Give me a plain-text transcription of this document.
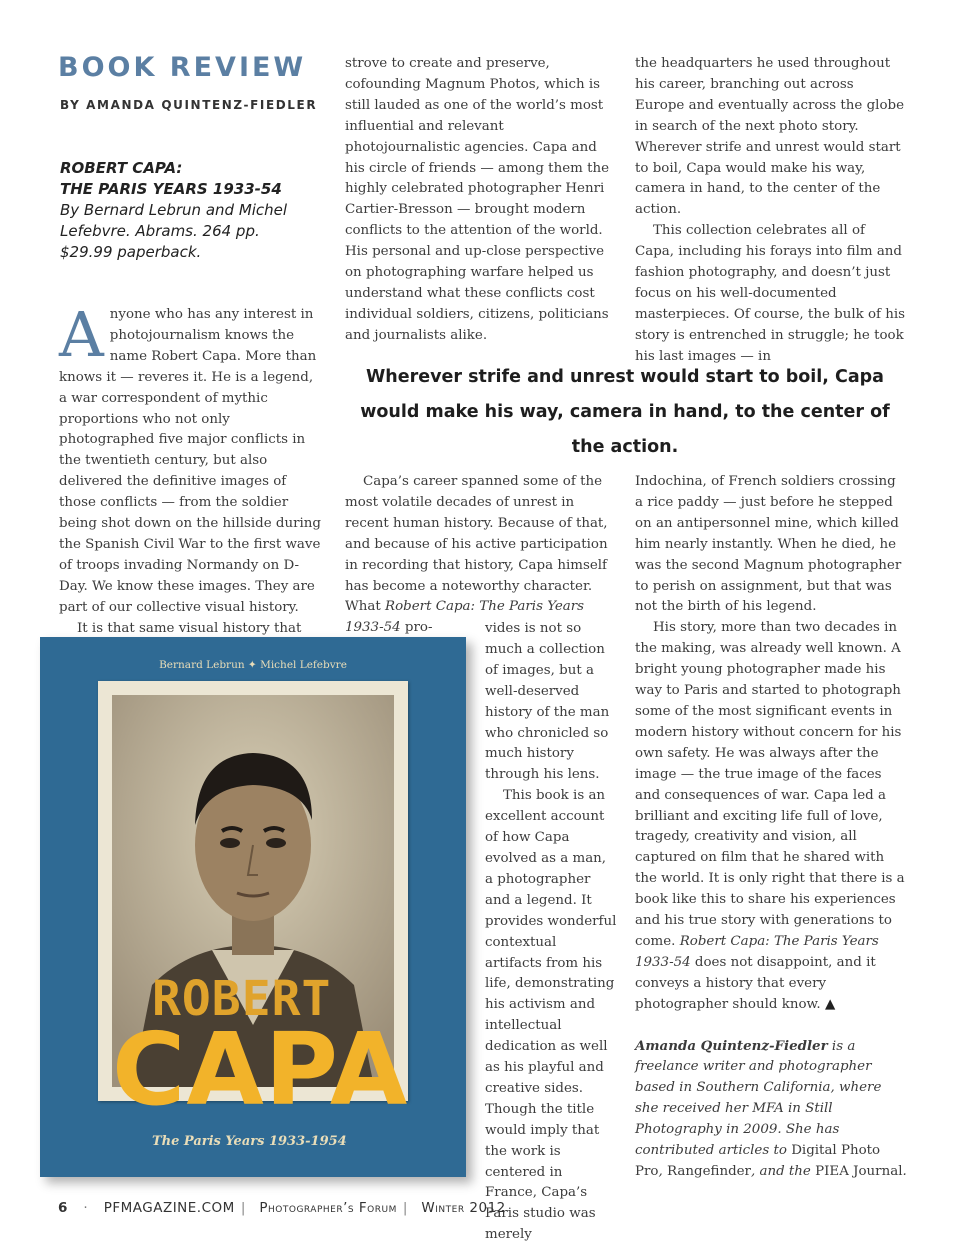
BOOK REVIEW
BY AMANDA QUINTENZ-FIEDLER
ROBERT CAPA:
THE PARIS YEARS 1933-54
By Bernard Lebrun and Michel
Lefebvre. Abrams. 264 pp.
$29.99 paperback.

Anyone who has any interest in photojournalism knows the name Robert Capa. More than knows it — reveres it. He is a legend, a war correspondent of mythic proportions who not only photographed five major conflicts in the twentieth century, but also delivered the definitive images of those conflicts — from the soldier being shot down on the hillside during the Spanish Civil War to the first wave of troops invading Normandy on D-Day. We know these images. They are part of our collective visual history.

It is that same visual history that

strove to create and preserve, cofounding Magnum Photos, which is still lauded as one of the world’s most influential and relevant photojournalistic agencies. Capa and his circle of friends — among them the highly celebrated photographer Henri Cartier-Bresson — brought modern conflicts to the attention of the world. His personal and up-close perspective on photographing warfare helped us understand what these conflicts cost individual soldiers, citizens, politicians and journalists alike.

the headquarters he used throughout his career, branching out across Europe and eventually across the globe in search of the next photo story. Wherever strife and unrest would start to boil, Capa would make his way, camera in hand, to the center of the action.

This collection celebrates all of Capa, including his forays into film and fashion photography, and doesn’t just focus on his well-documented masterpieces. Of course, the bulk of his story is entrenched in struggle; he took his last images — in

Wherever strife and unrest would start to boil, Capa would make his way, camera in hand, to the center of the action.

Capa’s career spanned some of the most volatile decades of unrest in recent human history. Because of that, and because of his active participation in recording that history, Capa himself has become a noteworthy character. What Robert Capa: The Paris Years 1933-54 pro-	vides is not so much a collection of images, but a well-deserved history of the man who chronicled so much history through his lens.

This book is an excellent account of how Capa evolved as a man, a photographer and a legend. It provides wonderful contextual artifacts from his life, demonstrating his activism and intellectual dedication as well as his playful and creative sides. Though the title would imply that the work is centered in France, Capa’s Paris studio was merely

Indochina, of French soldiers crossing a rice paddy — just before he stepped on an antipersonnel mine, which killed him nearly instantly. When he died, he was the second Magnum photographer to perish on assignment, but that was not the birth of his legend.

His story, more than two decades in the making, was already well known. A bright young photographer made his way to Paris and started to photograph some of the most significant events in modern history without concern for his own safety. He was always after the image — the true image of the faces and consequences of war. Capa led a brilliant and exciting life full of love, tragedy, creativity and vision, all captured on film that he shared with the world. It is only right that there is a book like this to share his experiences and his true story with generations to come. Robert Capa: The Paris Years 1933-54 does not disappoint, and it conveys a history that every photographer should know. ▲

Amanda Quintenz-Fiedler is a freelance writer and photographer based in Southern California, where she received her MFA in Still Photography in 2009. She has contributed articles to Digital Photo Pro, Rangefinder, and the PIEA Journal.

Bernard Lebrun ✦ Michel Lefebvre
ROBERT
CAPA
The Paris Years 1933-1954
6 · PFMAGAZINE.COM | Photographer’s Forum | Winter 2012
